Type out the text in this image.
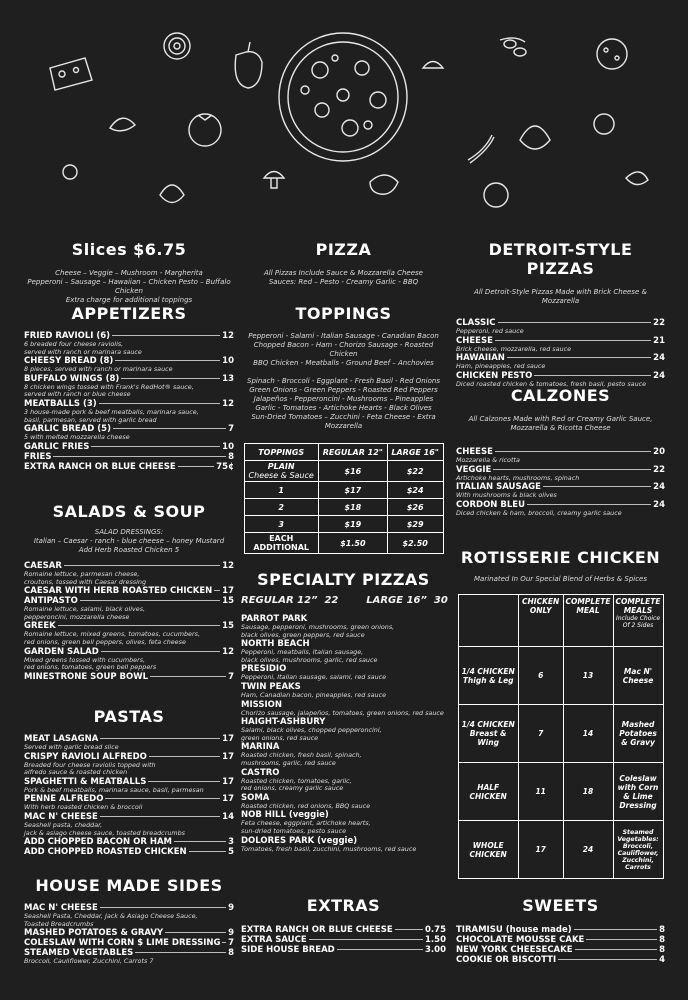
Slices $6.75
Cheese – Veggie – Mushroom - Margherita
Pepperoni – Sausage – Hawaiian – Chicken Pesto – Buffalo Chicken
Extra charge for additional toppings
APPETIZERS
FRIED RAVIOLI (6)	12
6 breaded four cheese raviolis,
served with ranch or marinara sauce
CHEESY BREAD (8)	10
8 pieces, served with ranch or marinara sauce
BUFFALO WINGS (8)	13
8 chicken wings tossed with Frank's RedHot® sauce,
served with ranch or blue cheese
MEATBALLS (3)	12
3 house-made pork & beef meatballs, marinara sauce,
basil, parmesan, served with garlic bread
GARLIC BREAD (5)	7
5 with melted mozzarella cheese
GARLIC FRIES	10
FRIES	8
EXTRA RANCH OR BLUE CHEESE	75¢
SALADS & SOUP
SALAD DRESSINGS:
Italian – Caesar - ranch - blue cheese – honey Mustard
Add Herb Roasted Chicken 5
CAESAR	12
Romaine lettuce, parmesan cheese,
croutons, tossed with Caesar dressing
CAESAR WITH HERB ROASTED CHICKEN 17
ANTIPASTO	15
Romaine lettuce, salami, black olives,
pepperoncini, mozzarella cheese
GREEK	15
Romaine lettuce, mixed greens, tomatoes, cucumbers,
red onions, green bell peppers, olives, feta cheese
GARDEN SALAD	12
Mixed greens tossed with cucumbers,
red onions, tomatoes, green bell peppers
MINESTRONE SOUP BOWL	7
PASTAS
MEAT LASAGNA	17
Served with garlic bread slice
CRISPY RAVIOLI ALFREDO	17
Breaded four cheese raviolis topped with
alfredo sauce & roasted chicken
SPAGHETTI & MEATBALLS	17
Pork & beef meatballs, marinara sauce, basil, parmesan
PENNE ALFREDO	17
With herb roasted chicken & broccoli
MAC N' CHEESE	14
Seashell pasta, cheddar,
jack & asiago cheese sauce, toasted breadcrumbs
ADD CHOPPED BACON OR HAM	3
ADD CHOPPED ROASTED CHICKEN	5
HOUSE MADE SIDES
MAC N' CHEESE	9
Seashell Pasta, Cheddar, Jack & Asiago Cheese Sauce,
Toasted Breadcrumbs
MASHED POTATOES & GRAVY	9
COLESLAW WITH CORN $ LIME DRESSING 7
STEAMED VEGETABLES	8
Broccoli, Cauliflower, Zucchini, Carrots 7
PIZZA
All Pizzas Include Sauce & Mozzarella Cheese
Sauces: Red – Pesto - Creamy Garlic - BBQ
TOPPINGS
Pepperoni - Salami - Italian Sausage - Canadian Bacon
Chopped Bacon - Ham - Chorizo Sausage - Roasted Chicken
BBQ Chicken - Meatballs - Ground Beef – Anchovies
Spinach - Broccoli - Eggplant - Fresh Basil - Red Onions
Green Onions - Green Peppers - Roasted Red Peppers
Jalapeños - Pepperoncini - Mushrooms – Pineapples
Garlic - Tomatoes - Artichoke Hearts - Black Olives
Sun-Dried Tomatoes – Zucchini - Feta Cheese - Extra Mozzarella
TOPPINGS	REGULAR 12"	LARGE 16"

PLAIN
Cheese & Sauce	$16	$22
1	$17	$24
2	$18	$26
3	$19	$29

EACH
ADDITIONAL	$1.50	$2.50
SPECIALTY PIZZAS
REGULAR 12”  22        LARGE 16”  30
PARROT PARK
Sausage, pepperoni, mushrooms, green onions,
black olives, green peppers, red sauce
NORTH BEACH
Pepperoni, meatballs, Italian sausage,
black olives, mushrooms, garlic, red sauce
PRESIDIO
Pepperoni, Italian sausage, salami, red sauce
TWIN PEAKS
Ham, Canadian bacon, pineapples, red sauce
MISSION
Chorizo sausage, jalapeños, tomatoes, green onions, red sauce
HAIGHT-ASHBURY
Salami, black olives, chopped pepperoncini,
green onions, red sauce
MARINA
Roasted chicken, fresh basil, spinach,
mushrooms, garlic, red sauce
CASTRO
Roasted chicken, tomatoes, garlic,
red onions, creamy garlic sauce
SOMA
Roasted chicken, red onions, BBQ sauce
NOB HILL (veggie)
Feta cheese, eggplant, artichoke hearts,
sun-dried tomatoes, pesto sauce
DOLORES PARK (veggie)
Tomatoes, fresh basil, zucchini, mushrooms, red sauce
EXTRAS
EXTRA RANCH OR BLUE CHEESE	0.75
EXTRA SAUCE	1.50
SIDE HOUSE BREAD	3.00
DETROIT-STYLE PIZZAS
All Detroit-Style Pizzas Made with Brick Cheese & Mozzarella
CLASSIC	22
Pepperoni, red sauce
CHEESE	21
Brick cheese, mozzarella, red sauce
HAWAIIAN	24
Ham, pineapples, red sauce
CHICKEN PESTO	24
Diced roasted chicken & tomatoes, fresh basil, pesto sauce
CALZONES
All Calzones Made with Red or Creamy Garlic Sauce,
Mozzarella & Ricotta Cheese
CHEESE	20
Mozzarella & ricotta
VEGGIE	22
Artichoke hearts, mushrooms, spinach
ITALIAN SAUSAGE	24
With mushrooms & black olives
CORDON BLEU	24
Diced chicken & ham, broccoli, creamy garlic sauce
ROTISSERIE CHICKEN
Marinated In Our Special Blend of Herbs & Spices
	CHICKEN ONLY	COMPLETE MEAL	COMPLETE MEALS
Include Choice Of 2 Sides

1/4 CHICKEN Thigh & Leg	6	13	Mac N' Cheese
1/4 CHICKEN Breast & Wing	7	14	Mashed Potatoes & Gravy
HALF CHICKEN	11	18	Coleslaw with Corn & Lime Dressing
WHOLE CHICKEN	17	24	Steamed Vegetables: Broccoli, Cauliflower, Zucchini, Carrots
SWEETS
TIRAMISU (house made)	8
CHOCOLATE MOUSSE CAKE	8
NEW YORK CHEESECAKE	8
COOKIE OR BISCOTTI	4
